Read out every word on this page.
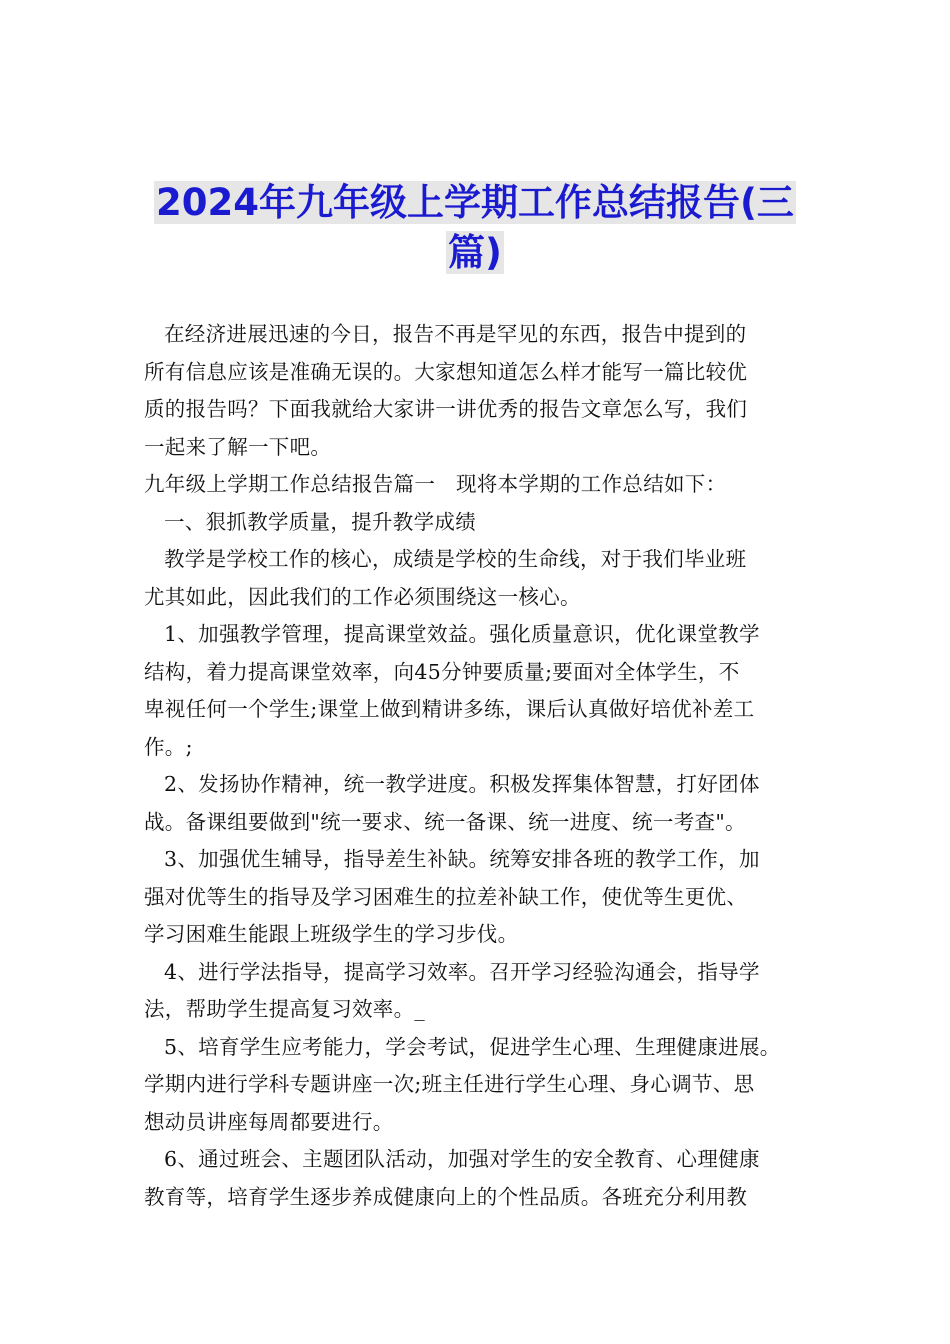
2024年九年级上学期工作总结报告(三
篇)
在经济进展迅速的今日，报告不再是罕见的东西，报告中提到的
所有信息应该是准确无误的。大家想知道怎么样才能写一篇比较优
质的报告吗？下面我就给大家讲一讲优秀的报告文章怎么写，我们
一起来了解一下吧。
九年级上学期工作总结报告篇一　现将本学期的工作总结如下：
一、狠抓教学质量，提升教学成绩
教学是学校工作的核心，成绩是学校的生命线，对于我们毕业班
尤其如此，因此我们的工作必须围绕这一核心。
1、加强教学管理，提高课堂效益。强化质量意识，优化课堂教学
结构，着力提高课堂效率，向45分钟要质量;要面对全体学生，不
卑视任何一个学生;课堂上做到精讲多练，课后认真做好培优补差工
作。;
2、发扬协作精神，统一教学进度。积极发挥集体智慧，打好团体
战。备课组要做到"统一要求、统一备课、统一进度、统一考查"。
3、加强优生辅导，指导差生补缺。统筹安排各班的教学工作，加
强对优等生的指导及学习困难生的拉差补缺工作，使优等生更优、
学习困难生能跟上班级学生的学习步伐。
4、进行学法指导，提高学习效率。召开学习经验沟通会，指导学
法，帮助学生提高复习效率。_
5、培育学生应考能力，学会考试，促进学生心理、生理健康进展。
学期内进行学科专题讲座一次;班主任进行学生心理、身心调节、思
想动员讲座每周都要进行。
6、通过班会、主题团队活动，加强对学生的安全教育、心理健康
教育等，培育学生逐步养成健康向上的个性品质。各班充分利用教
